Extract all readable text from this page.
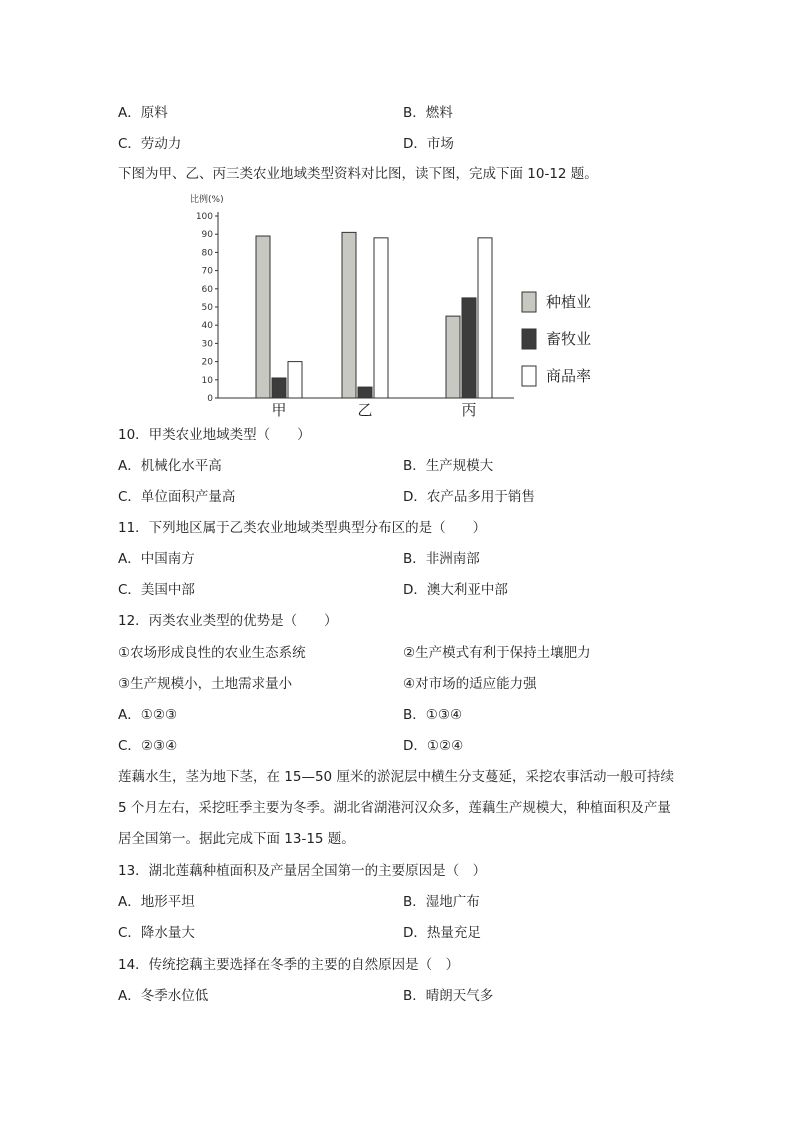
A．原料	B．燃料
C．劳动力	D．市场
下图为甲、乙、丙三类农业地域类型资料对比图，读下图，完成下面 10-12 题。
比例(%)
0
10
20
30
40
50
60
70
80
90
100
甲	乙	丙
种植业
畜牧业
商品率
10．甲类农业地域类型（　　）
A．机械化水平高	B．生产规模大
C．单位面积产量高	D．农产品多用于销售
11．下列地区属于乙类农业地域类型典型分布区的是（　　）
A．中国南方	B．非洲南部
C．美国中部	D．澳大利亚中部
12．丙类农业类型的优势是（　　）
①农场形成良性的农业生态系统	②生产模式有利于保持土壤肥力
③生产规模小，土地需求量小	④对市场的适应能力强
A．①②③	B．①③④
C．②③④	D．①②④
莲藕水生，茎为地下茎，在 15—50 厘米的淤泥层中横生分支蔓延，采挖农事活动一般可持续
5 个月左右，采挖旺季主要为冬季。湖北省湖港河汉众多，莲藕生产规模大，种植面积及产量
居全国第一。据此完成下面 13-15 题。
13．湖北莲藕种植面积及产量居全国第一的主要原因是（　）
A．地形平坦	B．湿地广布
C．降水量大	D．热量充足
14．传统挖藕主要选择在冬季的主要的自然原因是（　）
A．冬季水位低	B．晴朗天气多
